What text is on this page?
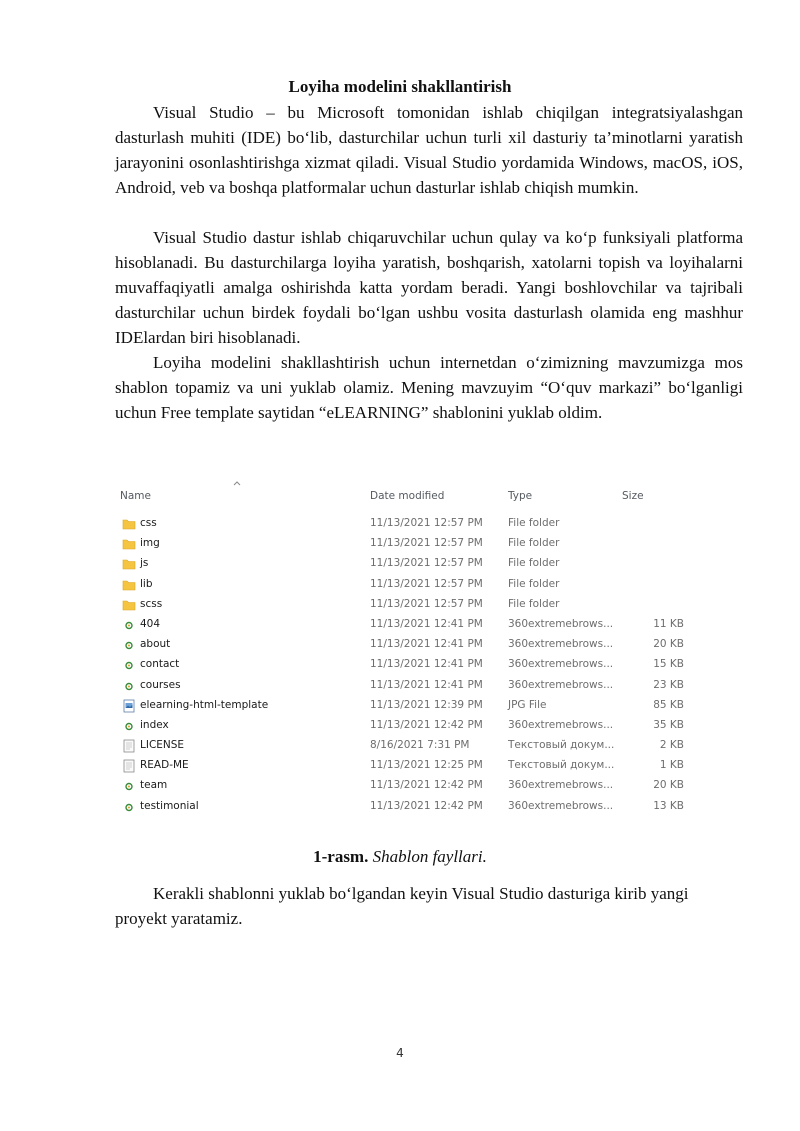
Loyiha modelini shakllantirish
Visual Studio – bu Microsoft tomonidan ishlab chiqilgan integratsiyalashgan dasturlash muhiti (IDE) bo‘lib, dasturchilar uchun turli xil dasturiy ta’minotlarni yaratish jarayonini osonlashtirishga xizmat qiladi. Visual Studio yordamida Windows, macOS, iOS, Android, veb va boshqa platformalar uchun dasturlar ishlab chiqish mumkin.
Visual Studio dastur ishlab chiqaruvchilar uchun qulay va ko‘p funksiyali platforma hisoblanadi. Bu dasturchilarga loyiha yaratish, boshqarish, xatolarni topish va loyihalarni muvaffaqiyatli amalga oshirishda katta yordam beradi. Yangi boshlovchilar va tajribali dasturchilar uchun birdek foydali bo‘lgan ushbu vosita dasturlash olamida eng mashhur IDElardan biri hisoblanadi.
Loyiha modelini shakllashtirish uchun internetdan o‘zimizning mavzumizga mos shablon topamiz va uni yuklab olamiz. Mening mavzuyim “O‘quv markazi” bo‘lganligi uchun Free template saytidan “eLEARNING” shablonini yuklab oldim.
Name	Date modified	Type	Size
css	11/13/2021 12:57 PM File folder
img	11/13/2021 12:57 PM File folder
js	11/13/2021 12:57 PM File folder
lib	11/13/2021 12:57 PM File folder
scss	11/13/2021 12:57 PM File folder
404	11/13/2021 12:41 PM 360extremebrows...	11 KB
about	11/13/2021 12:41 PM 360extremebrows...	20 KB
contact	11/13/2021 12:41 PM 360extremebrows...	15 KB
courses	11/13/2021 12:41 PM 360extremebrows...	23 KB
elearning-html-template	11/13/2021 12:39 PM JPG File	85 KB
index	11/13/2021 12:42 PM 360extremebrows...	35 KB
LICENSE	8/16/2021 7:31 PM	Текстовый докум...	2 KB
READ-ME	11/13/2021 12:25 PM Текстовый докум...	1 KB
team	11/13/2021 12:42 PM 360extremebrows...	20 KB
testimonial	11/13/2021 12:42 PM 360extremebrows...	13 KB
1-rasm. Shablon fayllari.
Kerakli shablonni yuklab bo‘lgandan keyin Visual Studio dasturiga kirib yangi proyekt yaratamiz.
4
